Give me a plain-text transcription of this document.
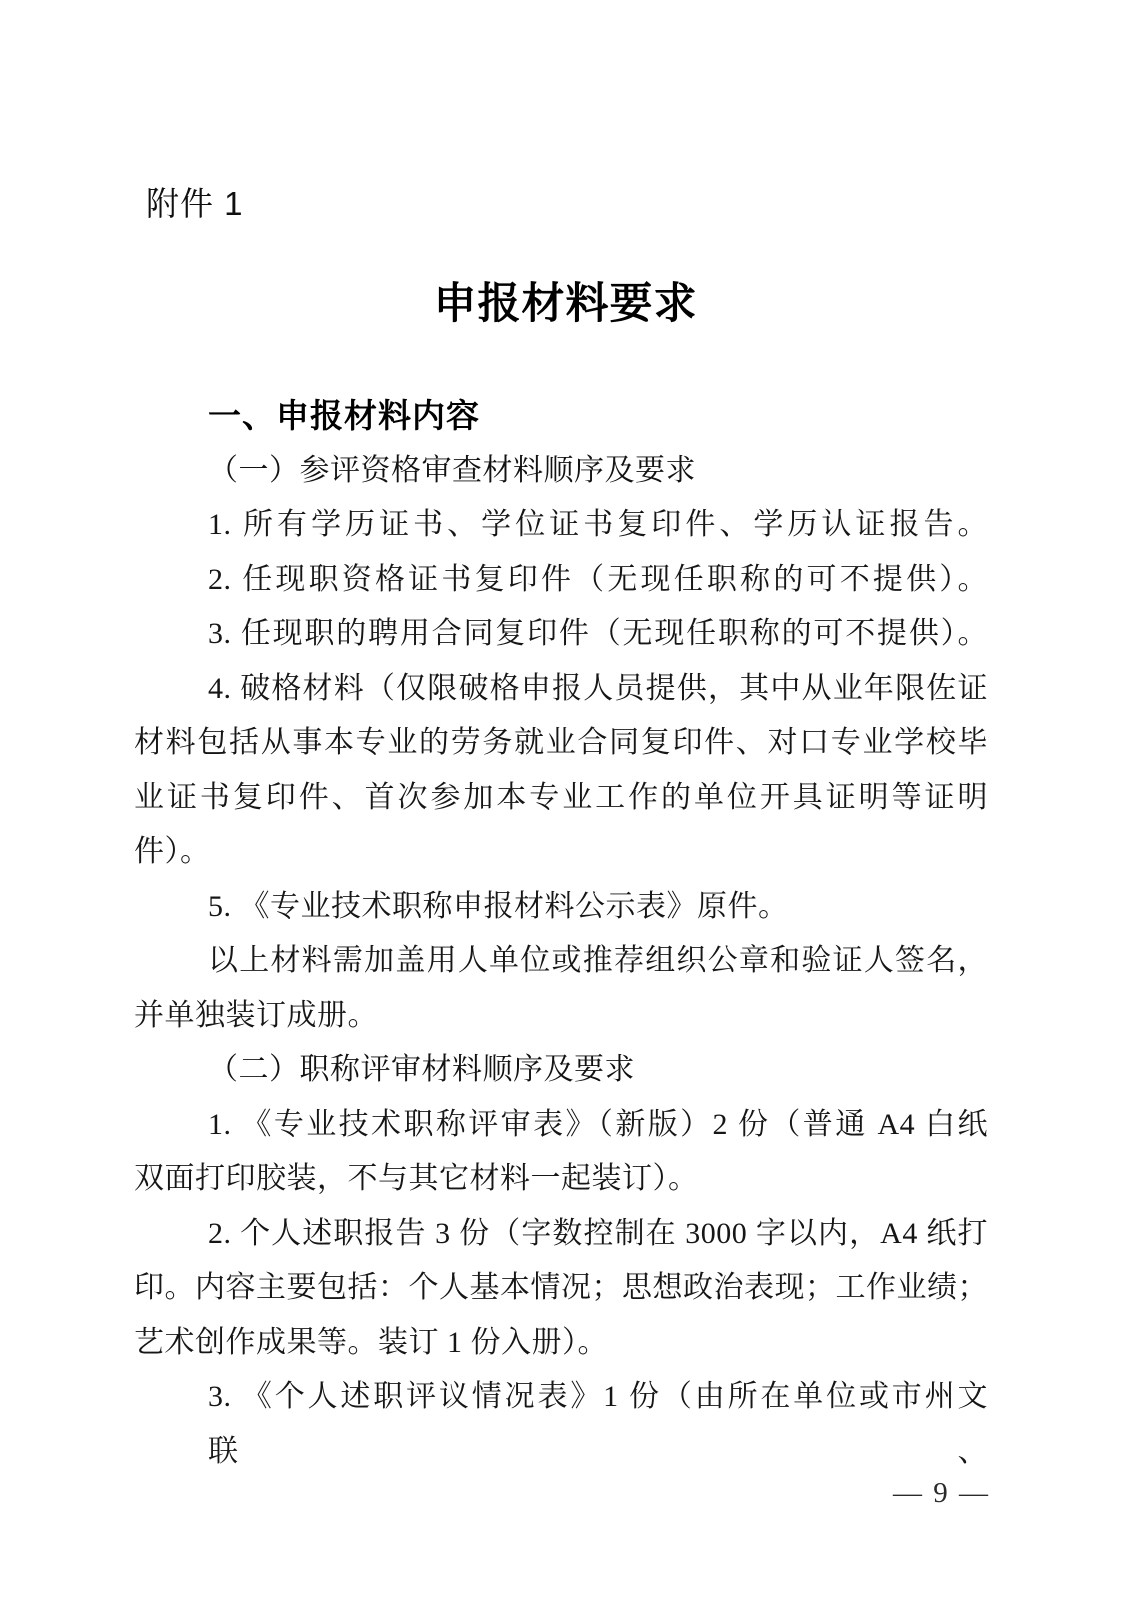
附件 1
申报材料要求
一、申报材料内容
（一）参评资格审查材料顺序及要求
1. 所有学历证书、学位证书复印件、学历认证报告。
2. 任现职资格证书复印件（无现任职称的可不提供）。
3. 任现职的聘用合同复印件（无现任职称的可不提供）。
4. 破格材料（仅限破格申报人员提供，其中从业年限佐证
材料包括从事本专业的劳务就业合同复印件、对口专业学校毕
业证书复印件、首次参加本专业工作的单位开具证明等证明
件）。
5. 《专业技术职称申报材料公示表》原件。
以上材料需加盖用人单位或推荐组织公章和验证人签名，
并单独装订成册。
（二）职称评审材料顺序及要求
1. 《专业技术职称评审表》（新版）2 份（普通 A4 白纸
双面打印胶装，不与其它材料一起装订）。
2. 个人述职报告 3 份（字数控制在 3000 字以内，A4 纸打
印。内容主要包括：个人基本情况；思想政治表现；工作业绩；
艺术创作成果等。装订 1 份入册）。
3. 《个人述职评议情况表》1 份（由所在单位或市州文联、
— 9 —
